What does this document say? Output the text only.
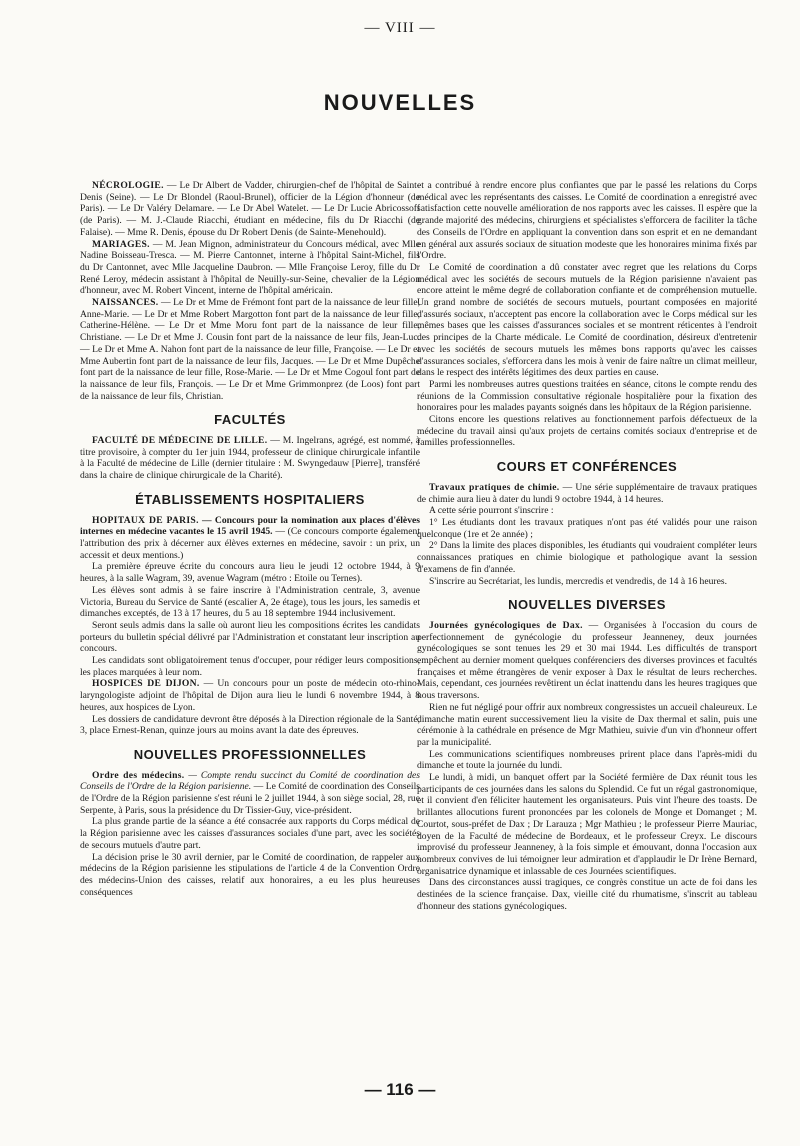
— VIII —
NOUVELLES

NÉCROLOGIE. — Le Dr Albert de Vadder, chirurgien-chef de l'hôpital de Saint-Denis (Seine). — Le Dr Blondel (Raoul-Brunel), officier de la Légion d'honneur (de Paris). — Le Dr Valéry Delamare. — Le Dr Abel Watelet. — Le Dr Lucie Abricossoff (de Paris). — M. J.-Claude Riacchi, étudiant en médecine, fils du Dr Riacchi (de Falaise). — Mme R. Denis, épouse du Dr Robert Denis (de Sainte-Menehould).

MARIAGES. — M. Jean Mignon, administrateur du Concours médical, avec Mlle Nadine Boisseau-Tresca. — M. Pierre Cantonnet, interne à l'hôpital Saint-Michel, fils du Dr Cantonnet, avec Mlle Jacqueline Daubron. — Mlle Françoise Leroy, fille du Dr René Leroy, médecin assistant à l'hôpital de Neuilly-sur-Seine, chevalier de la Légion d'honneur, avec M. Robert Vincent, interne de l'hôpital américain.

NAISSANCES. — Le Dr et Mme de Frémont font part de la naissance de leur fille, Anne-Marie. — Le Dr et Mme Robert Margotton font part de la naissance de leur fille, Catherine-Hélène. — Le Dr et Mme Moru font part de la naissance de leur fille, Christiane. — Le Dr et Mme J. Cousin font part de la naissance de leur fils, Jean-Luc. — Le Dr et Mme A. Nahon font part de la naissance de leur fille, Françoise. — Le Dr et Mme Aubertin font part de la naissance de leur fils, Jacques. — Le Dr et Mme Dupêche font part de la naissance de leur fille, Rose-Marie. — Le Dr et Mme Cogoul font part de la naissance de leur fils, François. — Le Dr et Mme Grimmonprez (de Loos) font part de la naissance de leur fils, Christian.

FACULTÉS

FACULTÉ DE MÉDECINE DE LILLE. — M. Ingelrans, agrégé, est nommé, à titre provisoire, à compter du 1er juin 1944, professeur de clinique chirurgicale infantile à la Faculté de médecine de Lille (dernier titulaire : M. Swyngedauw [Pierre], transféré dans la chaire de clinique chirurgicale de la Charité).

ÉTABLISSEMENTS HOSPITALIERS

HOPITAUX DE PARIS. — Concours pour la nomination aux places d'élèves internes en médecine vacantes le 15 avril 1945. — (Ce concours comporte également l'attribution des prix à décerner aux élèves externes en médecine, savoir : un prix, un accessit et deux mentions.)

La première épreuve écrite du concours aura lieu le jeudi 12 octobre 1944, à 9 heures, à la salle Wagram, 39, avenue Wagram (métro : Etoile ou Ternes).

Les élèves sont admis à se faire inscrire à l'Administration centrale, 3, avenue Victoria, Bureau du Service de Santé (escalier A, 2e étage), tous les jours, les samedis et dimanches exceptés, de 13 à 17 heures, du 5 au 18 septembre 1944 inclusivement.

Seront seuls admis dans la salle où auront lieu les compositions écrites les candidats porteurs du bulletin spécial délivré par l'Administration et constatant leur inscription au concours.

Les candidats sont obligatoirement tenus d'occuper, pour rédiger leurs compositions, les places marquées à leur nom.

HOSPICES DE DIJON. — Un concours pour un poste de médecin oto-rhino-laryngologiste adjoint de l'hôpital de Dijon aura lieu le lundi 6 novembre 1944, à 8 heures, aux hospices de Lyon.

Les dossiers de candidature devront être déposés à la Direction régionale de la Santé, 3, place Ernest-Renan, quinze jours au moins avant la date des épreuves.

NOUVELLES PROFESSIONNELLES

Ordre des médecins. — Compte rendu succinct du Comité de coordination des Conseils de l'Ordre de la Région parisienne. — Le Comité de coordination des Conseils de l'Ordre de la Région parisienne s'est réuni le 2 juillet 1944, à son siège social, 28, rue Serpente, à Paris, sous la présidence du Dr Tissier-Guy, vice-président.

La plus grande partie de la séance a été consacrée aux rapports du Corps médical de la Région parisienne avec les caisses d'assurances sociales d'une part, avec les sociétés de secours mutuels d'autre part.

La décision prise le 30 avril dernier, par le Comité de coordination, de rappeler aux médecins de la Région parisienne les stipulations de l'article 4 de la Convention Ordre des médecins-Union des caisses, relatif aux honoraires, a eu les plus heureuses conséquences

et a contribué à rendre encore plus confiantes que par le passé les relations du Corps médical avec les représentants des caisses. Le Comité de coordination a enregistré avec satisfaction cette nouvelle amélioration de nos rapports avec les caisses. Il espère que la grande majorité des médecins, chirurgiens et spécialistes s'efforcera de faciliter la tâche des Conseils de l'Ordre en appliquant la convention dans son esprit et en ne demandant en général aux assurés sociaux de situation modeste que les honoraires minima fixés par l'Ordre.

Le Comité de coordination a dû constater avec regret que les relations du Corps médical avec les sociétés de secours mutuels de la Région parisienne n'avaient pas encore atteint le même degré de collaboration confiante et de compréhension mutuelle. Un grand nombre de sociétés de secours mutuels, pourtant composées en majorité d'assurés sociaux, n'acceptent pas encore la collaboration avec le Corps médical sur les mêmes bases que les caisses d'assurances sociales et se montrent réticentes à l'endroit des principes de la Charte médicale. Le Comité de coordination, désireux d'entretenir avec les sociétés de secours mutuels les mêmes bons rapports qu'avec les caisses d'assurances sociales, s'efforcera dans les mois à venir de faire naître un climat meilleur, dans le respect des intérêts légitimes des deux parties en cause.

Parmi les nombreuses autres questions traitées en séance, citons le compte rendu des réunions de la Commission consultative régionale hospitalière pour la fixation des honoraires pour les malades payants soignés dans les hôpitaux de la Région parisienne.

Citons encore les questions relatives au fonctionnement parfois défectueux de la médecine du travail ainsi qu'aux projets de certains comités sociaux d'entreprise et de familles professionnelles.

COURS ET CONFÉRENCES

Travaux pratiques de chimie. — Une série supplémentaire de travaux pratiques de chimie aura lieu à dater du lundi 9 octobre 1944, à 14 heures.

A cette série pourront s'inscrire :

1° Les étudiants dont les travaux pratiques n'ont pas été validés pour une raison quelconque (1re et 2e année) ;

2° Dans la limite des places disponibles, les étudiants qui voudraient compléter leurs connaissances pratiques en chimie biologique et pathologique avant la session d'examens de fin d'année.

S'inscrire au Secrétariat, les lundis, mercredis et vendredis, de 14 à 16 heures.

NOUVELLES DIVERSES

Journées gynécologiques de Dax. — Organisées à l'occasion du cours de perfectionnement de gynécologie du professeur Jeanneney, deux journées gynécologiques se sont tenues les 29 et 30 mai 1944. Les difficultés de transport empêchent au dernier moment quelques conférenciers des diverses provinces et facultés françaises et même étrangères de venir exposer à Dax le résultat de leurs recherches. Mais, cependant, ces journées revêtirent un éclat inattendu dans les heures tragiques que nous traversons.

Rien ne fut négligé pour offrir aux nombreux congressistes un accueil chaleureux. Le dimanche matin eurent successivement lieu la visite de Dax thermal et salin, puis une cérémonie à la cathédrale en présence de Mgr Mathieu, suivie d'un vin d'honneur offert par la municipalité.

Les communications scientifiques nombreuses prirent place dans l'après-midi du dimanche et toute la journée du lundi.

Le lundi, à midi, un banquet offert par la Société fermière de Dax réunit tous les participants de ces journées dans les salons du Splendid. Ce fut un régal gastronomique, et il convient d'en féliciter hautement les organisateurs. Puis vint l'heure des toasts. De brillantes allocutions furent prononcées par les colonels de Monge et Domanget ; M. Courtot, sous-préfet de Dax ; Dr Larauza ; Mgr Mathieu ; le professeur Pierre Mauriac, doyen de la Faculté de médecine de Bordeaux, et le professeur Creyx. Le discours improvisé du professeur Jeanneney, à la fois simple et émouvant, donna l'occasion aux nombreux convives de lui témoigner leur admiration et d'applaudir le Dr Irène Bernard, organisatrice dynamique et inlassable de ces Journées scientifiques.

Dans des circonstances aussi tragiques, ce congrès constitue un acte de foi dans les destinées de la science française. Dax, vieille cité du rhumatisme, s'inscrit au tableau d'honneur des stations gynécologiques.

— 116 —
